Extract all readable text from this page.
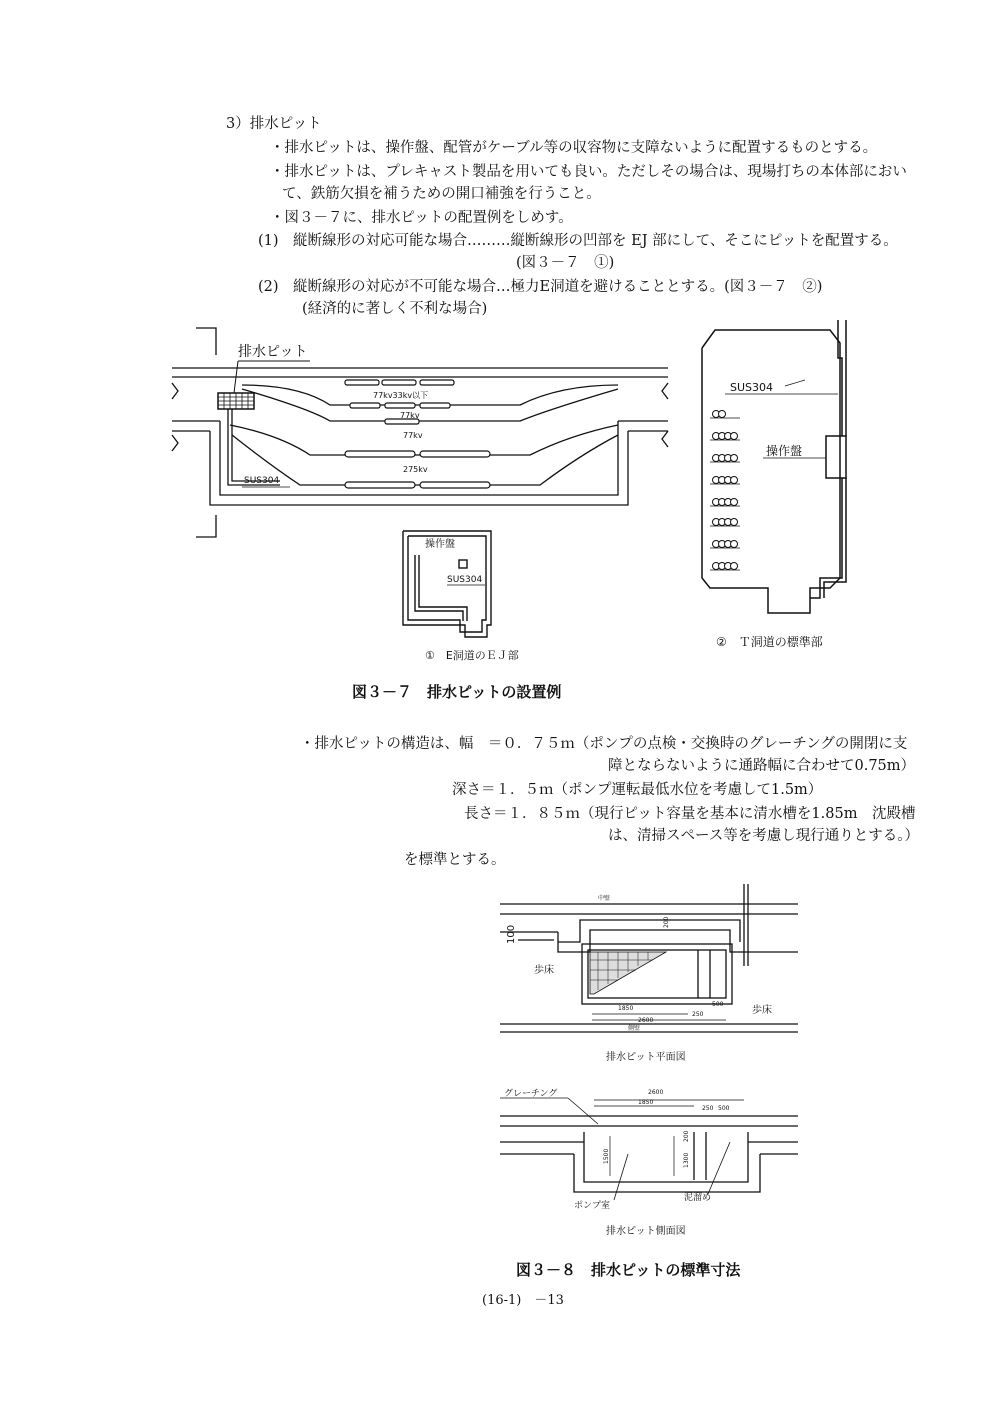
3）排水ピット
・排水ピットは、操作盤、配管がケーブル等の収容物に支障ないように配置するものとする。
・排水ピットは、プレキャスト製品を用いても良い。ただしその場合は、現場打ちの本体部におい
て、鉄筋欠損を補うための開口補強を行うこと。
・図３－７に、排水ピットの配置例をしめす。
(1)　縦断線形の対応可能な場合………縦断線形の凹部を EJ 部にして、そこにピットを配置する。
(図３－７　①)
(2)　縦断線形の対応が不可能な場合…極力E洞道を避けることとする。(図３－７　②)
(経済的に著しく不利な場合)
排水ピット
77kv33kv以下
77kv
77kv
275kv
SUS304
操作盤
SUS304
①　E洞道のＥＪ部
SUS304
操作盤
②　Ｔ洞道の標準部
図３－７　排水ピットの設置例
・排水ピットの構造は、幅　＝０．７５ｍ（ポンプの点検・交換時のグレーチングの開閉に支
障とならないように通路幅に合わせて0.75m）
深さ＝１．５ｍ（ポンプ運転最低水位を考慮して1.5m）
長さ＝１．８５ｍ（現行ピット容量を基本に清水槽を1.85m　沈殿槽
は、清掃スペース等を考慮し現行通りとする。）
を標準とする。
中壁
200
100
歩床
歩床
1850
500
250
2600
側壁
排水ピット平面図
グレーチング	2600
1850
250 500
200
1500	1300
ポンプ室
泥溜め
排水ピット側面図
図３－８　排水ピットの標準寸法
(16-1)　－13
